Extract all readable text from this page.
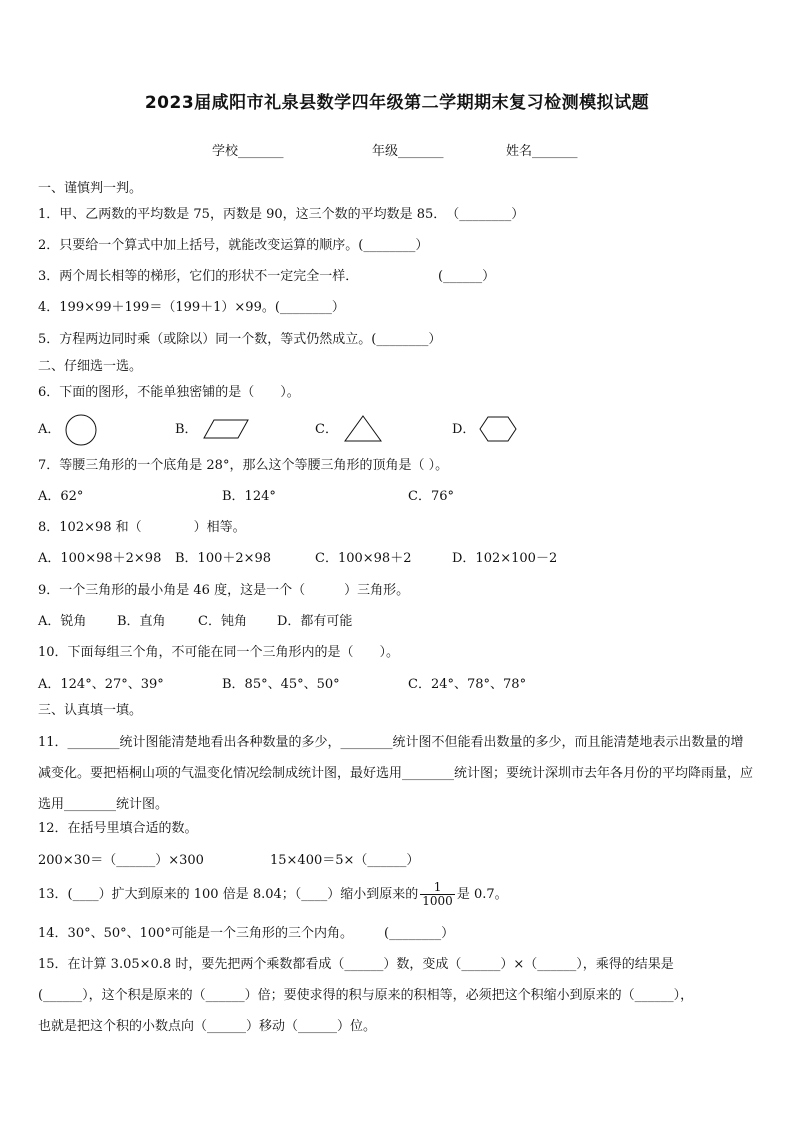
2023届咸阳市礼泉县数学四年级第二学期期末复习检测模拟试题
学校_______	年级_______	姓名_______
一、谨慎判一判。
1．甲、乙两数的平均数是 75，丙数是 90，这三个数的平均数是 85．　（________）
2．只要给一个算式中加上括号，就能改变运算的顺序。(________）
3．两个周长相等的梯形，它们的形状不一定完全一样．	(______）
4．199×99＋199＝（199＋1）×99。(________）
5．方程两边同时乘（或除以）同一个数，等式仍然成立。(________）
二、仔细选一选。
6．下面的图形，不能单独密铺的是（　　）。
A．	B．	C．	D．
7．等腰三角形的一个底角是 28°，那么这个等腰三角形的顶角是（ ）。
A．62°	B．124°	C．76°
8．102×98 和（　　　　）相等。
A．100×98＋2×98 B．100＋2×98	C．100×98＋2	D．102×100－2
9．一个三角形的最小角是 46 度，这是一个（　　　）三角形。
A．锐角 B．直角 C．钝角 D．都有可能
10．下面每组三个角，不可能在同一个三角形内的是（　　）。
A．124°、27°、39°	B．85°、45°、50°	C．24°、78°、78°
三、认真填一填。
11．________统计图能清楚地看出各种数量的多少，________统计图不但能看出数量的多少，而且能清楚地表示出数量的增减变化。要把梧桐山项的气温变化情况绘制成统计图，最好选用________统计图；要统计深圳市去年各月份的平均降雨量，应选用________统计图。
12．在括号里填合适的数。
200×30＝（______）×300	15×400＝5×（______）
13．(____）扩大到原来的 100 倍是 8.04；（____）缩小到原来的 $\frac{1}{1000}$ 是 0.7。
14．30°、50°、100°可能是一个三角形的三个内角。 (________）
15．在计算 3.05×0.8 时，要先把两个乘数都看成（______）数，变成（______）×（______），乘得的结果是
(______），这个积是原来的（______）倍；要使求得的积与原来的积相等，必须把这个积缩小到原来的（______），
也就是把这个积的小数点向（______）移动（______）位。
